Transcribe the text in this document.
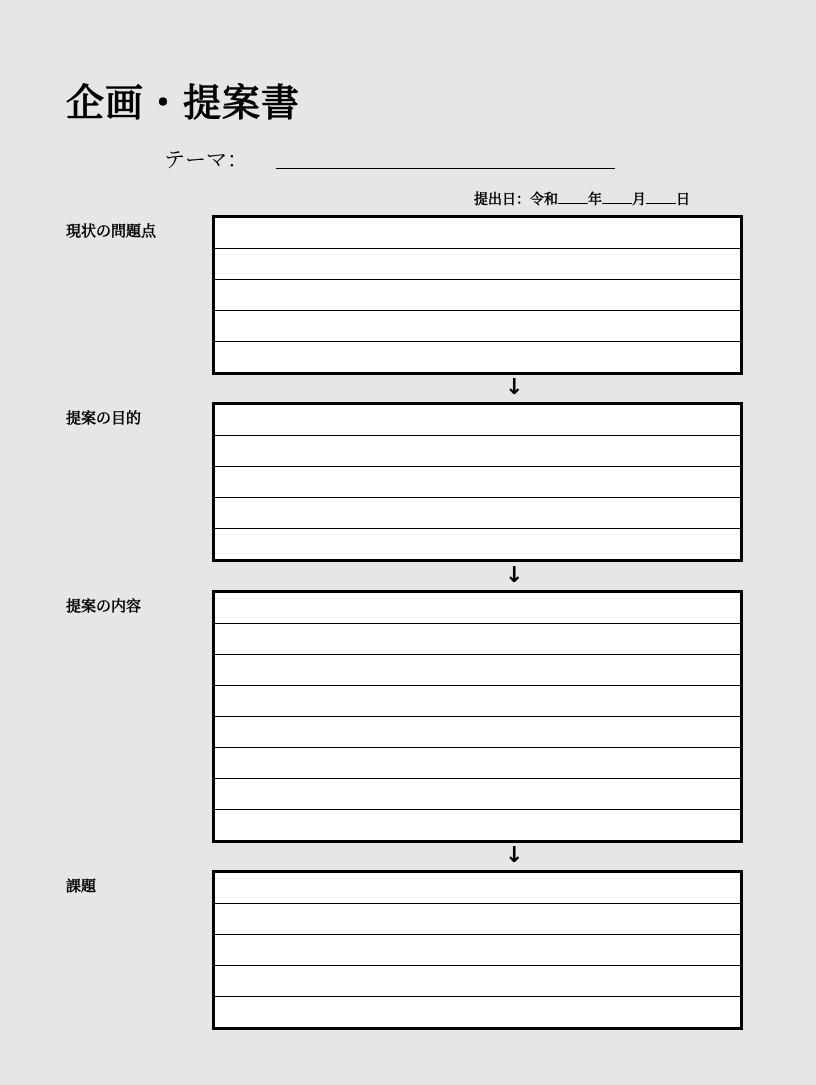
企画・提案書
テーマ：
提出日：令和 年 月 日
現状の問題点
↓
提案の目的
↓
提案の内容
↓
課題
